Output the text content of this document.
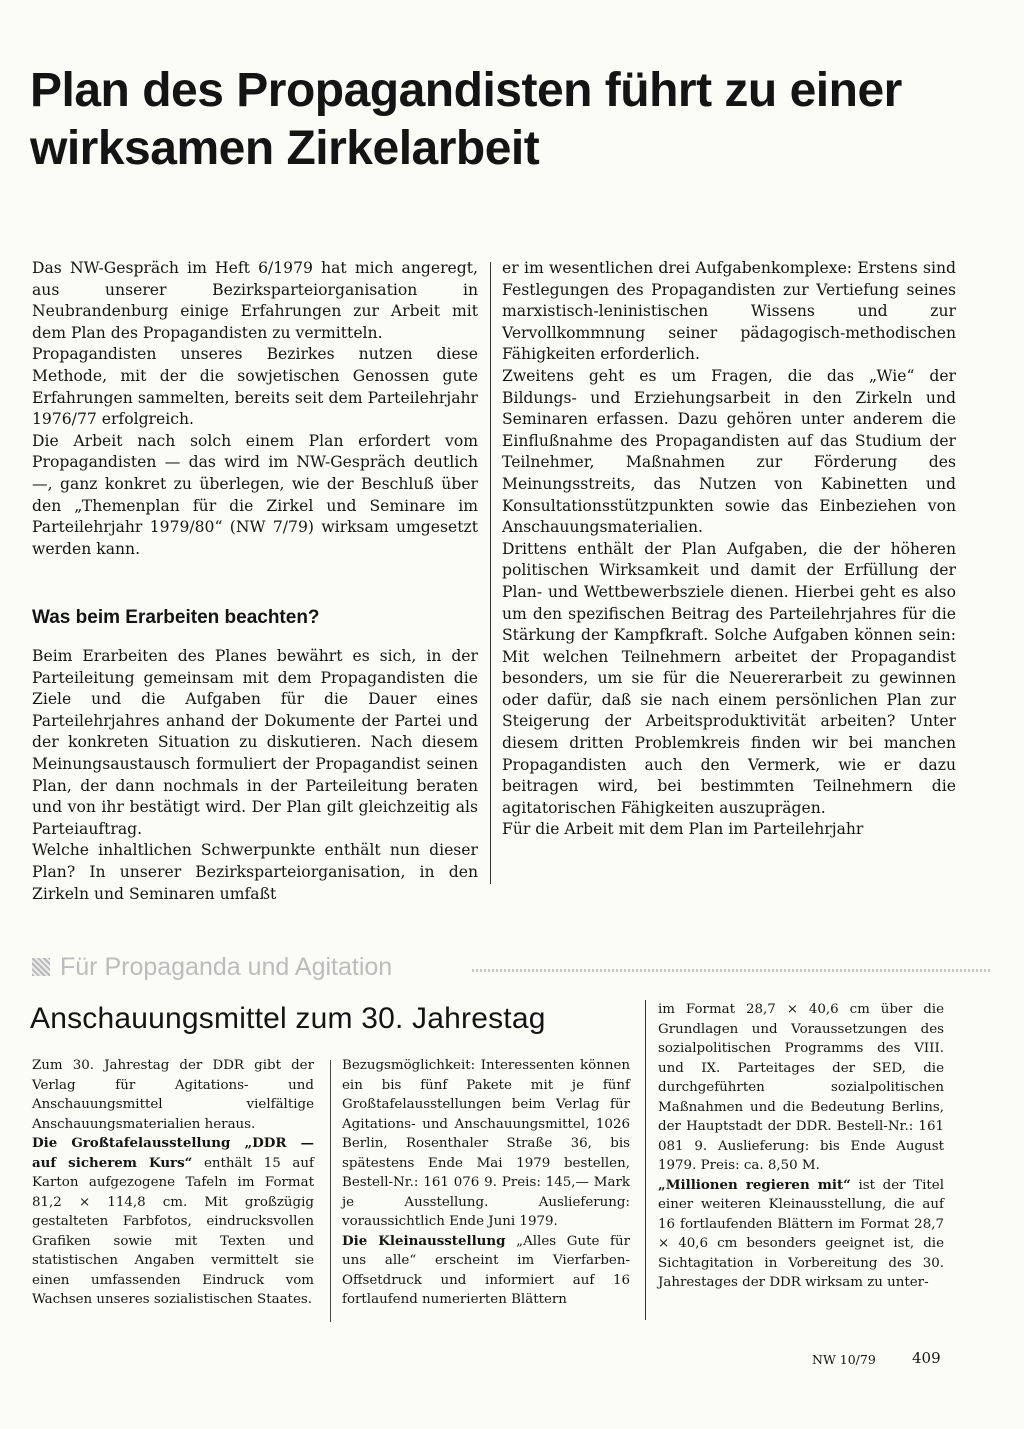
Plan des Propagandisten führt zu einer wirksamen Zirkelarbeit

Das NW-Gespräch im Heft 6/1979 hat mich angeregt, aus unserer Bezirksparteiorganisation in Neubrandenburg einige Erfahrungen zur Arbeit mit dem Plan des Propagandisten zu vermitteln.

Propagandisten unseres Bezirkes nutzen diese Methode, mit der die sowjetischen Genossen gute Erfahrungen sammelten, bereits seit dem Parteilehrjahr 1976/77 erfolgreich.

Die Arbeit nach solch einem Plan erfordert vom Propagandisten — das wird im NW-Gespräch deutlich —, ganz konkret zu überlegen, wie der Beschluß über den „Themenplan für die Zirkel und Seminare im Parteilehrjahr 1979/80“ (NW 7/79) wirksam umgesetzt werden kann.

Was beim Erarbeiten beachten?

Beim Erarbeiten des Planes bewährt es sich, in der Parteileitung gemeinsam mit dem Propagandisten die Ziele und die Aufgaben für die Dauer eines Parteilehrjahres anhand der Dokumente der Partei und der konkreten Situation zu diskutieren. Nach diesem Meinungsaustausch formuliert der Propagandist seinen Plan, der dann nochmals in der Parteileitung beraten und von ihr bestätigt wird. Der Plan gilt gleichzeitig als Parteiauftrag.

Welche inhaltlichen Schwerpunkte enthält nun dieser Plan? In unserer Bezirksparteiorganisation, in den Zirkeln und Seminaren umfaßt

er im wesentlichen drei Aufgabenkomplexe: Erstens sind Festlegungen des Propagandisten zur Vertiefung seines marxistisch-leninistischen Wissens und zur Vervollkommnung seiner pädagogisch-methodischen Fähigkeiten erforderlich.

Zweitens geht es um Fragen, die das „Wie“ der Bildungs- und Erziehungsarbeit in den Zirkeln und Seminaren erfassen. Dazu gehören unter anderem die Einflußnahme des Propagandisten auf das Studium der Teilnehmer, Maßnahmen zur Förderung des Meinungsstreits, das Nutzen von Kabinetten und Konsultationsstützpunkten sowie das Einbeziehen von Anschauungsmaterialien.

Drittens enthält der Plan Aufgaben, die der höheren politischen Wirksamkeit und damit der Erfüllung der Plan- und Wettbewerbsziele dienen. Hierbei geht es also um den spezifischen Beitrag des Parteilehrjahres für die Stärkung der Kampfkraft. Solche Aufgaben können sein: Mit welchen Teilnehmern arbeitet der Propagandist besonders, um sie für die Neuererarbeit zu gewinnen oder dafür, daß sie nach einem persönlichen Plan zur Steigerung der Arbeitsproduktivität arbeiten? Unter diesem dritten Problemkreis finden wir bei manchen Propagandisten auch den Vermerk, wie er dazu beitragen wird, bei bestimmten Teilnehmern die agitatorischen Fähigkeiten auszuprägen.

Für die Arbeit mit dem Plan im Parteilehrjahr

Für Propaganda und Agitation
Anschauungsmittel zum 30. Jahrestag

Zum 30. Jahrestag der DDR gibt der Verlag für Agitations- und Anschauungsmittel vielfältige Anschauungsmaterialien heraus.

Die Großtafelausstellung „DDR — auf sicherem Kurs“ enthält 15 auf Karton aufgezogene Tafeln im Format 81,2 × 114,8 cm. Mit großzügig gestalteten Farbfotos, eindrucksvollen Grafiken sowie mit Texten und statistischen Angaben vermittelt sie einen umfassenden Eindruck vom Wachsen unseres sozialistischen Staates.

Bezugsmöglichkeit: Interessenten können ein bis fünf Pakete mit je fünf Großtafelausstellungen beim Verlag für Agitations- und Anschauungsmittel, 1026 Berlin, Rosenthaler Straße 36, bis spätestens Ende Mai 1979 bestellen, Bestell-Nr.: 161 076 9. Preis: 145,— Mark je Ausstellung. Auslieferung: voraussichtlich Ende Juni 1979.

Die Kleinausstellung „Alles Gute für uns alle“ erscheint im Vierfarben-Offsetdruck und informiert auf 16 fortlaufend numerierten Blättern

im Format 28,7 × 40,6 cm über die Grundlagen und Voraussetzungen des sozialpolitischen Programms des VIII. und IX. Parteitages der SED, die durchgeführten sozialpolitischen Maßnahmen und die Bedeutung Berlins, der Hauptstadt der DDR. Bestell-Nr.: 161 081 9. Auslieferung: bis Ende August 1979. Preis: ca. 8,50 M.

„Millionen regieren mit“ ist der Titel einer weiteren Kleinausstellung, die auf 16 fortlaufenden Blättern im Format 28,7 × 40,6 cm besonders geeignet ist, die Sichtagitation in Vorbereitung des 30. Jahrestages der DDR wirksam zu unter-

NW 10/79 409
